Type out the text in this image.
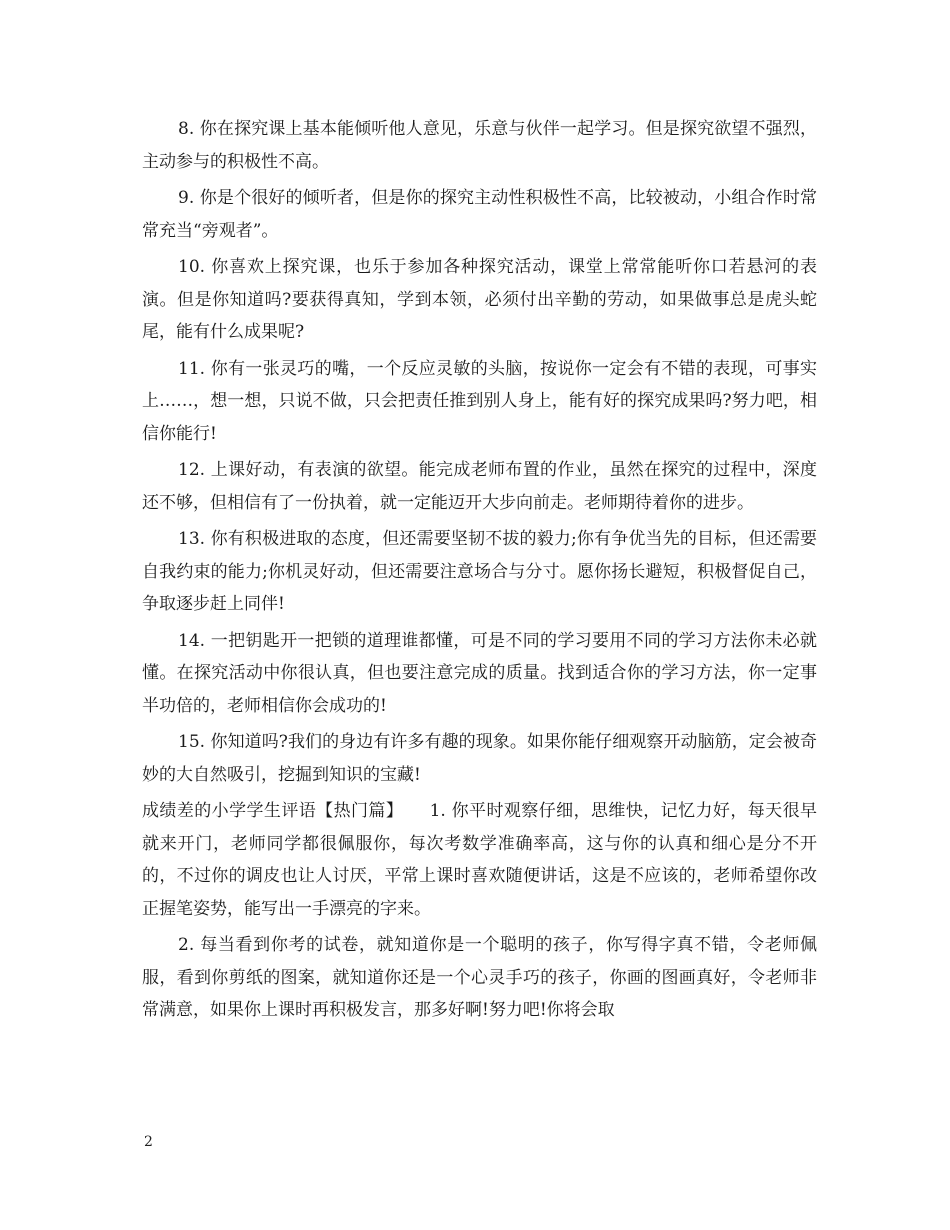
8. 你在探究课上基本能倾听他人意见，乐意与伙伴一起学习。但是探究欲望不强烈，主动参与的积极性不高。

9. 你是个很好的倾听者，但是你的探究主动性积极性不高，比较被动，小组合作时常常充当“旁观者”。

10. 你喜欢上探究课，也乐于参加各种探究活动，课堂上常常能听你口若悬河的表演。但是你知道吗?要获得真知，学到本领，必须付出辛勤的劳动，如果做事总是虎头蛇尾，能有什么成果呢?

11. 你有一张灵巧的嘴，一个反应灵敏的头脑，按说你一定会有不错的表现，可事实上……，想一想，只说不做，只会把责任推到别人身上，能有好的探究成果吗?努力吧，相信你能行!

12. 上课好动，有表演的欲望。能完成老师布置的作业，虽然在探究的过程中，深度还不够，但相信有了一份执着，就一定能迈开大步向前走。老师期待着你的进步。

13. 你有积极进取的态度，但还需要坚韧不拔的毅力;你有争优当先的目标，但还需要自我约束的能力;你机灵好动，但还需要注意场合与分寸。愿你扬长避短，积极督促自己，争取逐步赶上同伴!

14. 一把钥匙开一把锁的道理谁都懂，可是不同的学习要用不同的学习方法你未必就懂。在探究活动中你很认真，但也要注意完成的质量。找到适合你的学习方法，你一定事半功倍的，老师相信你会成功的!

15. 你知道吗?我们的身边有许多有趣的现象。如果你能仔细观察开动脑筋，定会被奇妙的大自然吸引，挖掘到知识的宝藏!

成绩差的小学学生评语【热门篇】　　1. 你平时观察仔细，思维快，记忆力好，每天很早就来开门，老师同学都很佩服你，每次考数学准确率高，这与你的认真和细心是分不开的，不过你的调皮也让人讨厌，平常上课时喜欢随便讲话，这是不应该的，老师希望你改正握笔姿势，能写出一手漂亮的字来。

2. 每当看到你考的试卷，就知道你是一个聪明的孩子，你写得字真不错，令老师佩服，看到你剪纸的图案，就知道你还是一个心灵手巧的孩子，你画的图画真好，令老师非常满意，如果你上课时再积极发言，那多好啊!努力吧!你将会取

2
